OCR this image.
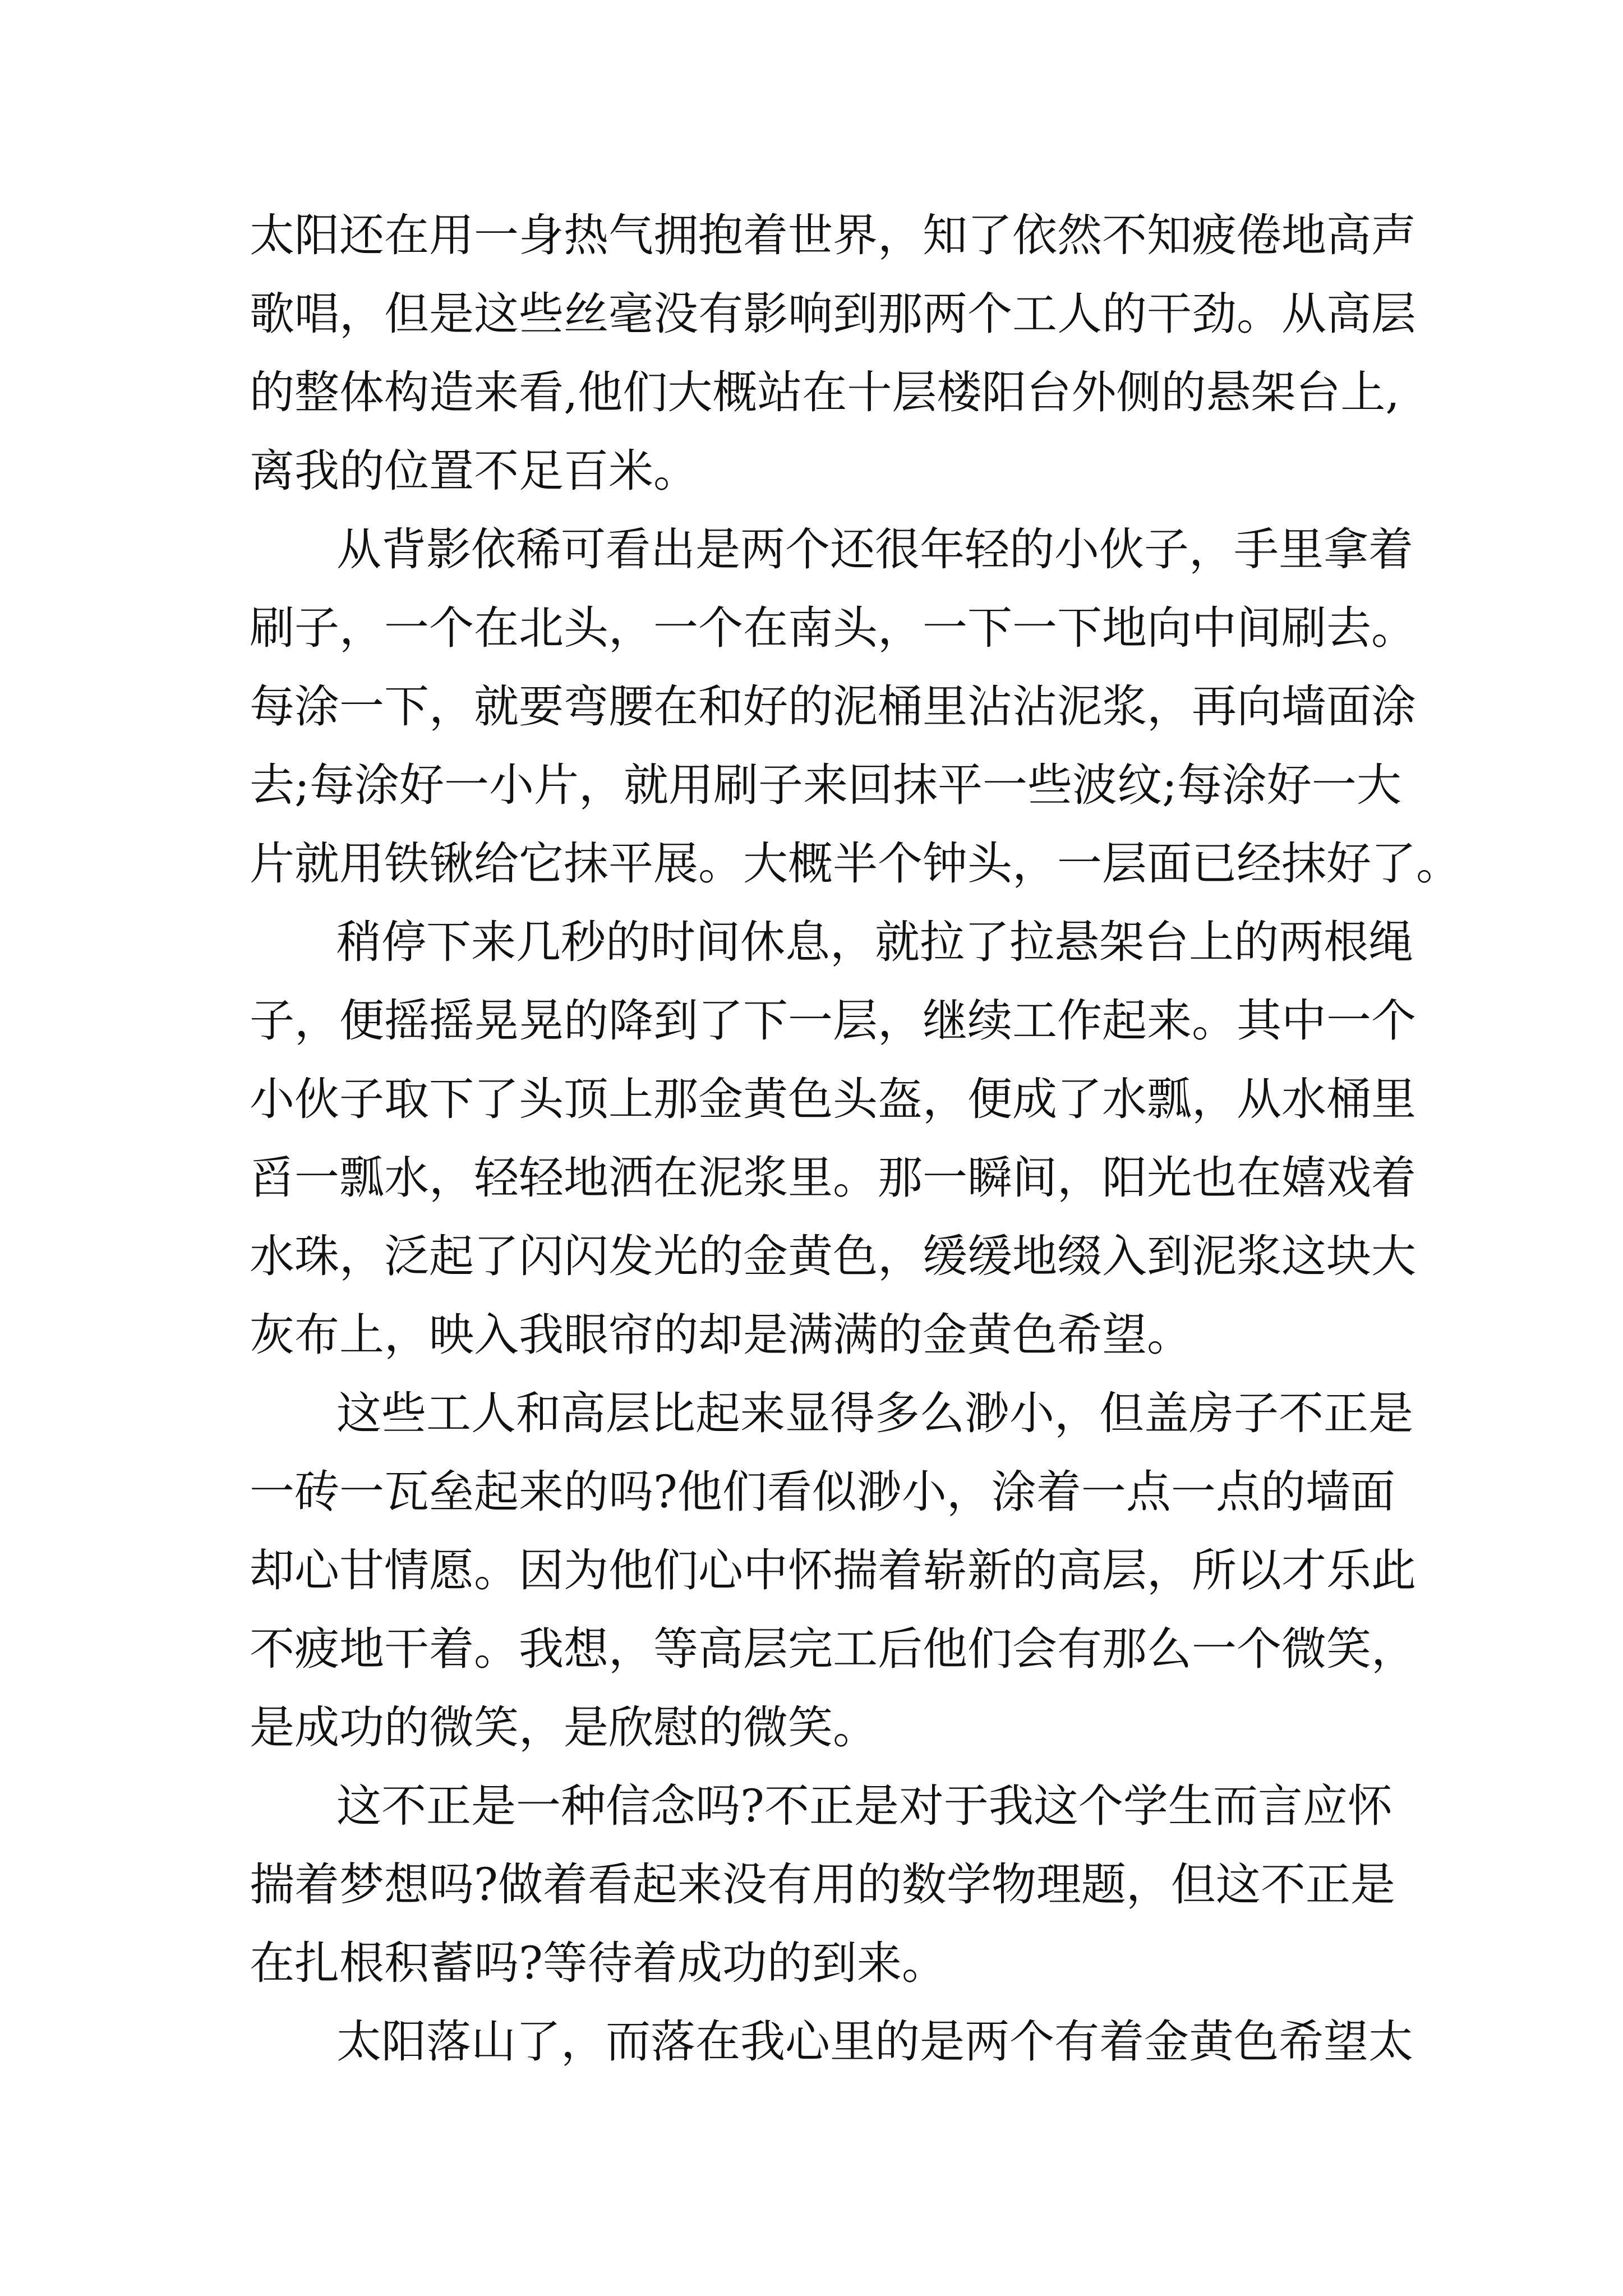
太阳还在用一身热气拥抱着世界，知了依然不知疲倦地高声

歌唱，但是这些丝毫没有影响到那两个工人的干劲。从高层

的整体构造来看,他们大概站在十层楼阳台外侧的悬架台上,

离我的位置不足百米。

从背影依稀可看出是两个还很年轻的小伙子，手里拿着

刷子，一个在北头，一个在南头，一下一下地向中间刷去。

每涂一下，就要弯腰在和好的泥桶里沾沾泥浆，再向墙面涂

去;每涂好一小片，就用刷子来回抹平一些波纹;每涂好一大

片就用铁锹给它抹平展。大概半个钟头，一层面已经抹好了。

稍停下来几秒的时间休息，就拉了拉悬架台上的两根绳

子，便摇摇晃晃的降到了下一层，继续工作起来。其中一个

小伙子取下了头顶上那金黄色头盔，便成了水瓢，从水桶里

舀一瓢水，轻轻地洒在泥浆里。那一瞬间，阳光也在嬉戏着

水珠，泛起了闪闪发光的金黄色，缓缓地缀入到泥浆这块大

灰布上，映入我眼帘的却是满满的金黄色希望。

这些工人和高层比起来显得多么渺小，但盖房子不正是

一砖一瓦垒起来的吗?他们看似渺小，涂着一点一点的墙面

却心甘情愿。因为他们心中怀揣着崭新的高层，所以才乐此

不疲地干着。我想，等高层完工后他们会有那么一个微笑，

是成功的微笑，是欣慰的微笑。

这不正是一种信念吗?不正是对于我这个学生而言应怀

揣着梦想吗?做着看起来没有用的数学物理题，但这不正是

在扎根积蓄吗?等待着成功的到来。

太阳落山了，而落在我心里的是两个有着金黄色希望太
